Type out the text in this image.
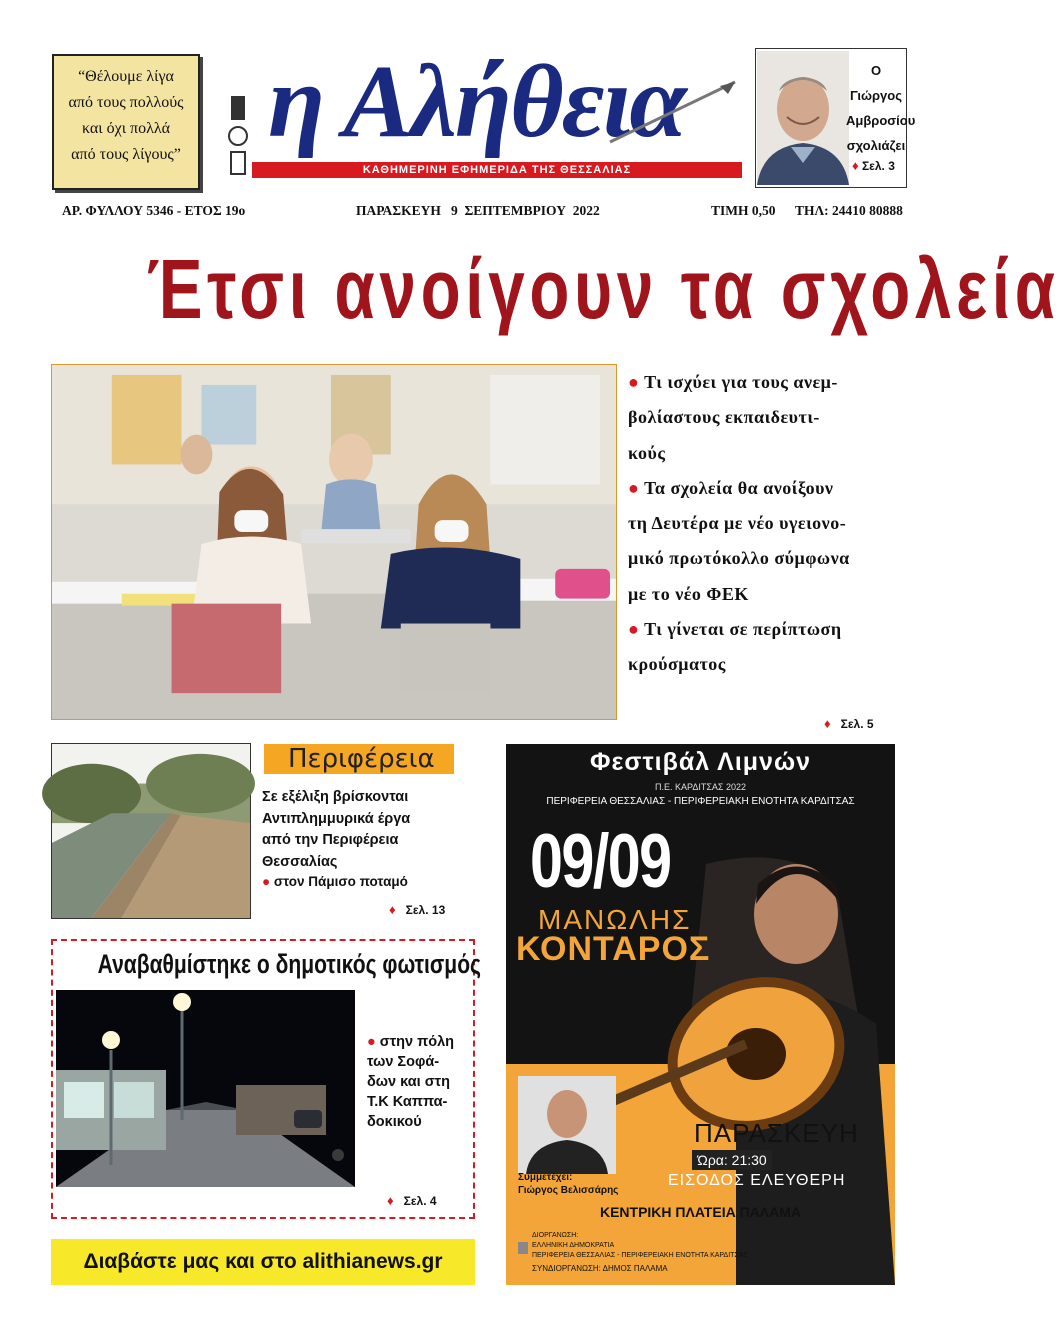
“Θέλουμε λίγα
από τους πολλούς
και όχι πολλά
από τους λίγους” η Αλήθεια
ΚΑΘΗΜΕΡΙΝΗ ΕΦΗΜΕΡΙΔΑ ΤΗΣ ΘΕΣΣΑΛΙΑΣ
Ο Γιώργος
Αμβροσίου
σχολιάζει
♦ Σελ. 3
ΑΡ. ΦΥΛΛΟΥ 5346 - ΕΤΟΣ 19ο	ΠΑΡΑΣΚΕΥΗ   9  ΣΕΠΤΕΜΒΡΙΟΥ  2022	ΤΙΜΗ 0,50 ΤΗΛ: 24410 80888
Έτσι ανοίγουν τα σχολεία
● Τι ισχύει για τους ανεμ-
βολίαστους εκπαιδευτι-
κούς
● Τα σχολεία θα ανοίξουν
τη Δευτέρα με νέο υγειονο-
μικό πρωτόκολλο σύμφωνα
με το νέο ΦΕΚ
● Τι γίνεται σε περίπτωση
κρούσματος
♦ Σελ. 5
Περιφέρεια
Σε εξέλιξη βρίσκονται
Αντιπλημμυρικά έργα
από την Περιφέρεια
Θεσσαλίας
● στον Πάμισο ποταμό
♦ Σελ. 13
Αναβαθμίστηκε ο δημοτικός φωτισμός
● στην πόλη
των Σοφά-
δων και στη
Τ.Κ Καππα-
δοκικού
♦ Σελ. 4
Διαβάστε μας και στο alithianews.gr
Φεστιβάλ Λιμνών
Π.Ε. ΚΑΡΔΙΤΣΑΣ 2022
ΠΕΡΙΦΕΡΕΙΑ ΘΕΣΣΑΛΙΑΣ - ΠΕΡΙΦΕΡΕΙΑΚΗ ΕΝΟΤΗΤΑ ΚΑΡΔΙΤΣΑΣ
09/09
ΜΑΝΩΛΗΣ
ΚΟΝΤΑΡΟΣ
Συμμετέχει:
Γιώργος Βελισσάρης
ΠΑΡΑΣΚΕΥΗ
Ώρα: 21:30
ΕΙΣΟΔΟΣ ΕΛΕΥΘΕΡΗ
ΚΕΝΤΡΙΚΗ ΠΛΑΤΕΙΑ ΠΑΛΑΜΑ
ΔΙΟΡΓΑΝΩΣΗ:
ΕΛΛΗΝΙΚΗ ΔΗΜΟΚΡΑΤΙΑ
ΠΕΡΙΦΕΡΕΙΑ ΘΕΣΣΑΛΙΑΣ - ΠΕΡΙΦΕΡΕΙΑΚΗ ΕΝΟΤΗΤΑ ΚΑΡΔΙΤΣΑΣ
ΣΥΝΔΙΟΡΓΑΝΩΣΗ: ΔΗΜΟΣ ΠΑΛΑΜΑ
